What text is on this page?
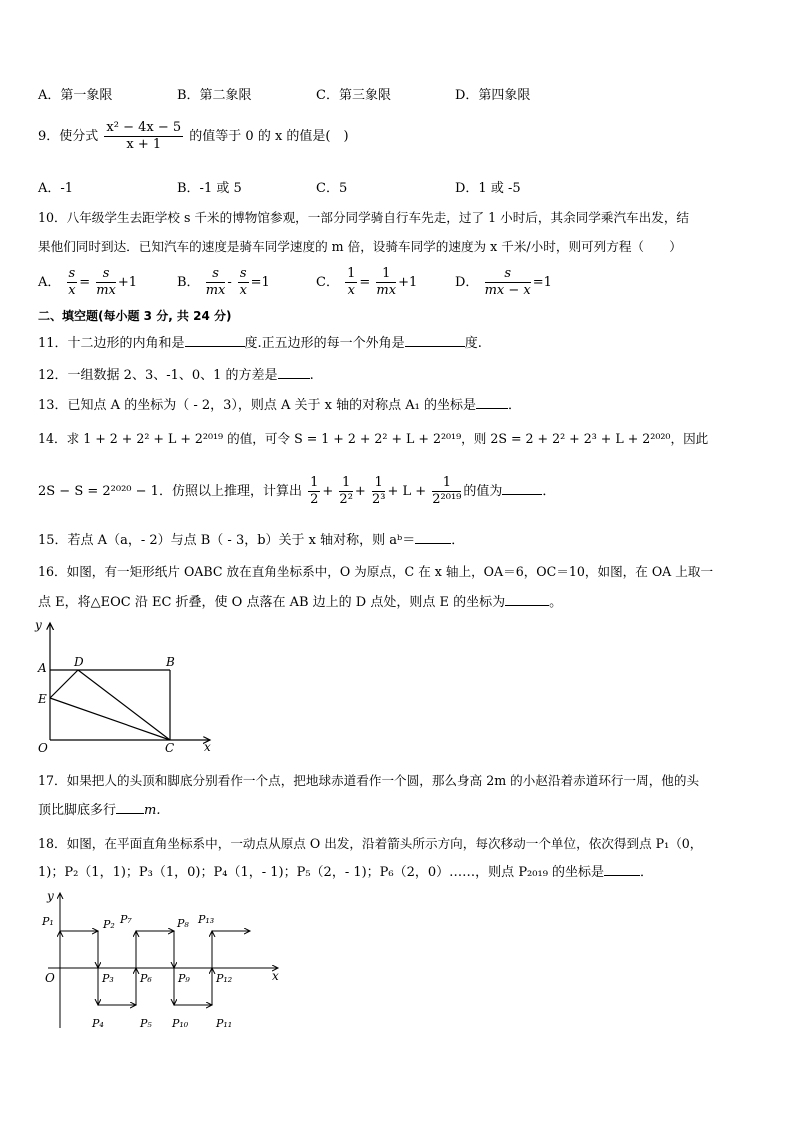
A．第一象限	B．第二象限	C．第三象限	D．第四象限
9．使分式 $\frac{\text{x² − 4x − 5}}{x + 1}$ 的值等于 0 的 x 的值是(　)
A．-1	B．-1 或 5	C．5	D．1 或 -5
10．八年级学生去距学校 s 千米的博物馆参观，一部分同学骑自行车先走，过了 1 小时后，其余同学乘汽车出发，结
果他们同时到达．已知汽车的速度是骑车同学速度的 m 倍，设骑车同学的速度为 x 千米/小时，则可列方程（　　）
A． $\frac{s}{x} = \frac{s}{mx} +1$	B． $\frac{s}{mx} - \frac{s}{x} =1$	C． $\frac{1}{x} = \frac{1}{mx} +1$	D． $\frac{s}{mx - x} =1$
二、填空题(每小题 3 分, 共 24 分)
11．十二边形的内角和是	度.正五边形的每一个外角是	度.
12．一组数据 2、3、-1、0、1 的方差是 .
13．已知点 A 的坐标为（ - 2，3），则点 A 关于 x 轴的对称点 A₁ 的坐标是 ．
14．求 1 + 2 + 2² + L + 2²⁰¹⁹ 的值，可令 S = 1 + 2 + 2² + L + 2²⁰¹⁹，则 2S = 2 + 2² + 2³ + L + 2²⁰²⁰，因此
2S − S = 2²⁰²⁰ − 1．仿照以上推理，计算出 $\frac{1}{2} + \frac{1}{\text{2²}} + \frac{1}{\text{2³}} + L + \frac{1}{\text{2²⁰¹⁹}}$ 的值为	．
15．若点 A（a，- 2）与点 B（ - 3，b）关于 x 轴对称，则 aᵇ＝	．
16．如图，有一矩形纸片 OABC 放在直角坐标系中，O 为原点，C 在 x 轴上，OA＝6，OC＝10，如图，在 OA 上取一
点 E，将△EOC 沿 EC 折叠，使 O 点落在 AB 边上的 D 点处，则点 E 的坐标为	。
y
x
A D	B
E
O	C
17．如果把人的头顶和脚底分别看作一个点，把地球赤道看作一个圆，那么身高 2m 的小赵沿着赤道环行一周，他的头
顶比脚底多行 m.
18．如图，在平面直角坐标系中，一动点从原点 O 出发，沿着箭头所示方向，每次移动一个单位，依次得到点 P₁（0，
1)；P₂（1，1)；P₃（1，0)；P₄（1，- 1)；P₅（2，- 1)；P₆（2，0）……，则点 P₂₀₁₉ 的坐标是	．
y
x
O
P₁	P₂
P₃
P₄	P₅
P₆
P₇	P₈
P₉
P₁₀	P₁₁
P₁₂
P₁₃
